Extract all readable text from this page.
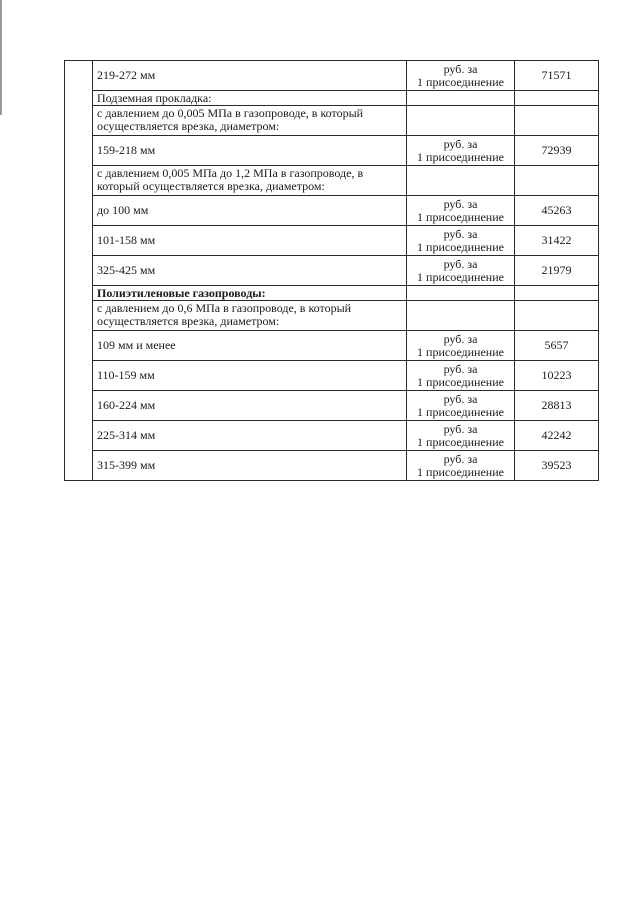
	219-272 мм	руб. за
1 присоединение	71571
	Подземная прокладка:	

	с давлением до 0,005 МПа в газопроводе, в который осуществляется врезка, диаметром:	

	159-218 мм	руб. за
1 присоединение	72939
	с давлением 0,005 МПа до 1,2 МПа в газопроводе, в который осуществляется врезка, диаметром:	

	до 100 мм	руб. за
1 присоединение	45263
	101-158 мм	руб. за
1 присоединение	31422
	325-425 мм	руб. за
1 присоединение	21979
	Полиэтиленовые газопроводы:	

	с давлением до 0,6 МПа в газопроводе, в который осуществляется врезка, диаметром:	

	109 мм и менее	руб. за
1 присоединение	5657
	110-159 мм	руб. за
1 присоединение	10223
	160-224 мм	руб. за
1 присоединение	28813
	225-314 мм	руб. за
1 присоединение	42242
	315-399 мм	руб. за
1 присоединение	39523
